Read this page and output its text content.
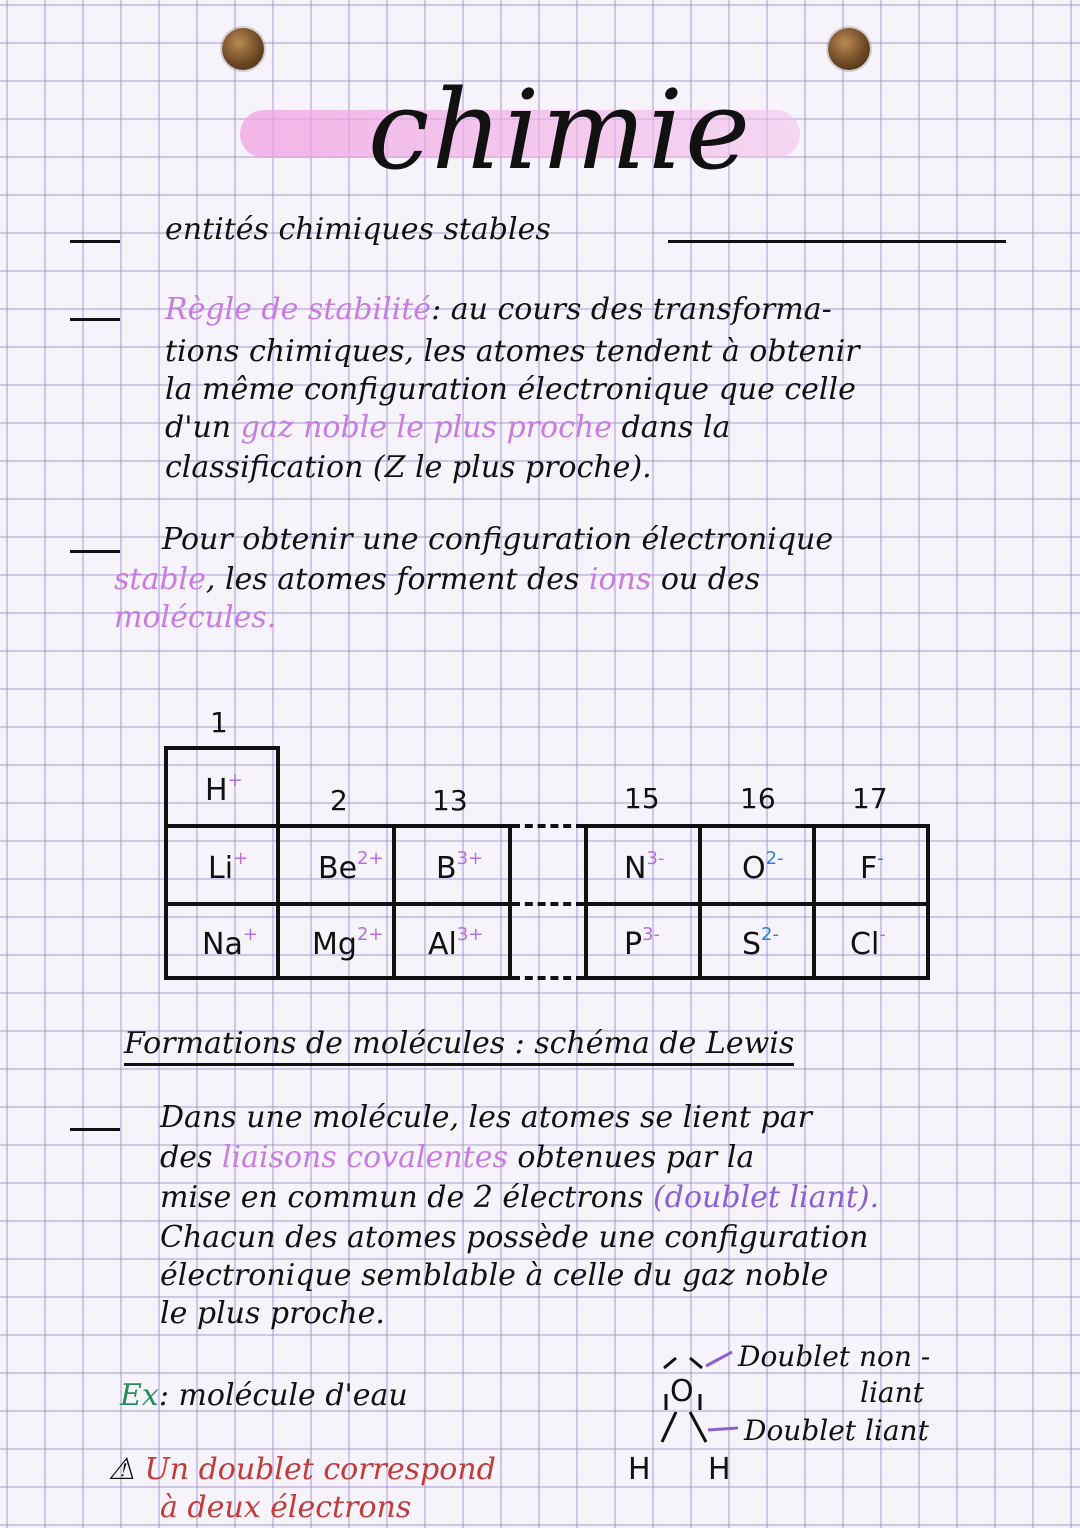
chimie
entités chimiques stables
Règle de stabilité: au cours des transforma-
tions chimiques, les atomes tendent à obtenir
la même configuration électronique que celle
d'un gaz noble le plus proche dans la
classification (Z le plus proche).
Pour obtenir une configuration électronique
stable, les atomes forment des ions ou des
molécules.
1
2	13	15	16	17
H+
Li+ $Be^{2+}$ $B^{3+}$	$N^{3-}$	$O^{2-}$	F-
Na+ $Mg^{2+}$ $Al^{3+}$	$P^{3-}$	$S^{2-}$ Cl-
Formations de molécules : schéma de Lewis
Dans une molécule, les atomes se lient par
des liaisons covalentes obtenues par la
mise en commun de 2 électrons (doublet liant).
Chacun des atomes possède une configuration
électronique semblable à celle du gaz noble
le plus proche.
Ex: molécule d'eau	O
H H
Doublet non -
liant
Doublet liant
⚠ Un doublet correspond
à deux électrons
